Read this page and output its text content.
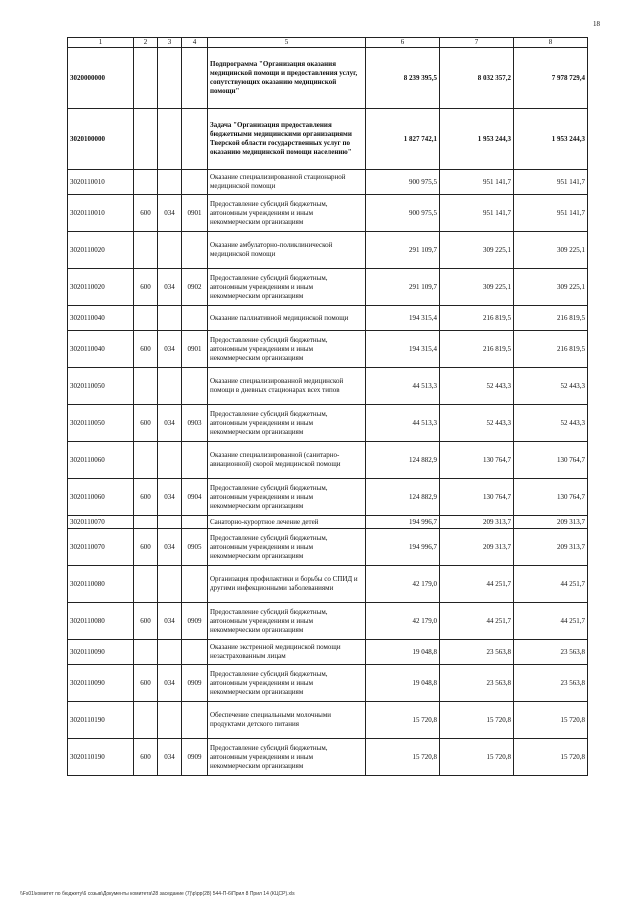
18
1	2	3	4	5	6	7	8
3020000000				Подпрограмма "Организация оказания медицинской помощи и предоставления услуг, сопутствующих оказанию медицинской помощи"	8 239 395,5	8 032 357,2	7 978 729,4
3020100000				Задача "Организация предоставления бюджетными медицинскими организациями Тверской области государственных услуг по оказанию медицинской помощи населению"	1 827 742,1	1 953 244,3	1 953 244,3
3020110010				Оказание специализированной стационарной медицинской помощи	900 975,5	951 141,7	951 141,7
3020110010	600	034	0901	Предоставление субсидий бюджетным, автономным учреждениям и иным некоммерческим организациям	900 975,5	951 141,7	951 141,7
3020110020				Оказание амбулаторно-поликлинической медицинской помощи	291 109,7	309 225,1	309 225,1
3020110020	600	034	0902	Предоставление субсидий бюджетным, автономным учреждениям и иным некоммерческим организациям	291 109,7	309 225,1	309 225,1
3020110040				Оказание паллиативной медицинской помощи	194 315,4	216 819,5	216 819,5
3020110040	600	034	0901	Предоставление субсидий бюджетным, автономным учреждениям и иным некоммерческим организациям	194 315,4	216 819,5	216 819,5
3020110050				Оказание специализированной медицинской помощи в дневных стационарах всех типов	44 513,3	52 443,3	52 443,3
3020110050	600	034	0903	Предоставление субсидий бюджетным, автономным учреждениям и иным некоммерческим организациям	44 513,3	52 443,3	52 443,3
3020110060				Оказание специализированной (санитарно-авиационной) скорой медицинской помощи	124 882,9	130 764,7	130 764,7
3020110060	600	034	0904	Предоставление субсидий бюджетным, автономным учреждениям и иным некоммерческим организациям	124 882,9	130 764,7	130 764,7
3020110070				Санаторно-курортное лечение детей	194 996,7	209 313,7	209 313,7
3020110070	600	034	0905	Предоставление субсидий бюджетным, автономным учреждениям и иным некоммерческим организациям	194 996,7	209 313,7	209 313,7
3020110080				Организация профилактики и борьбы со СПИД и другими инфекционными заболеваниями	42 179,0	44 251,7	44 251,7
3020110080	600	034	0909	Предоставление субсидий бюджетным, автономным учреждениям и иным некоммерческим организациям	42 179,0	44 251,7	44 251,7
3020110090				Оказание экстренной медицинской помощи незастрахованным лицам	19 048,8	23 563,8	23 563,8
3020110090	600	034	0909	Предоставление субсидий бюджетным, автономным учреждениям и иным некоммерческим организациям	19 048,8	23 563,8	23 563,8
3020110190				Обеспечение специальными молочными продуктами детского питания	15 720,8	15 720,8	15 720,8
3020110190	600	034	0909	Предоставление субсидий бюджетным, автономным учреждениям и иным некоммерческим организациям	15 720,8	15 720,8	15 720,8
\\Fs01\комитет по бюджету\6 созыв\Документы комитета\28 заседание (7)\р\рр(28) 544-П-6\Прил 8 Прил 14 (КЦСР).xls
